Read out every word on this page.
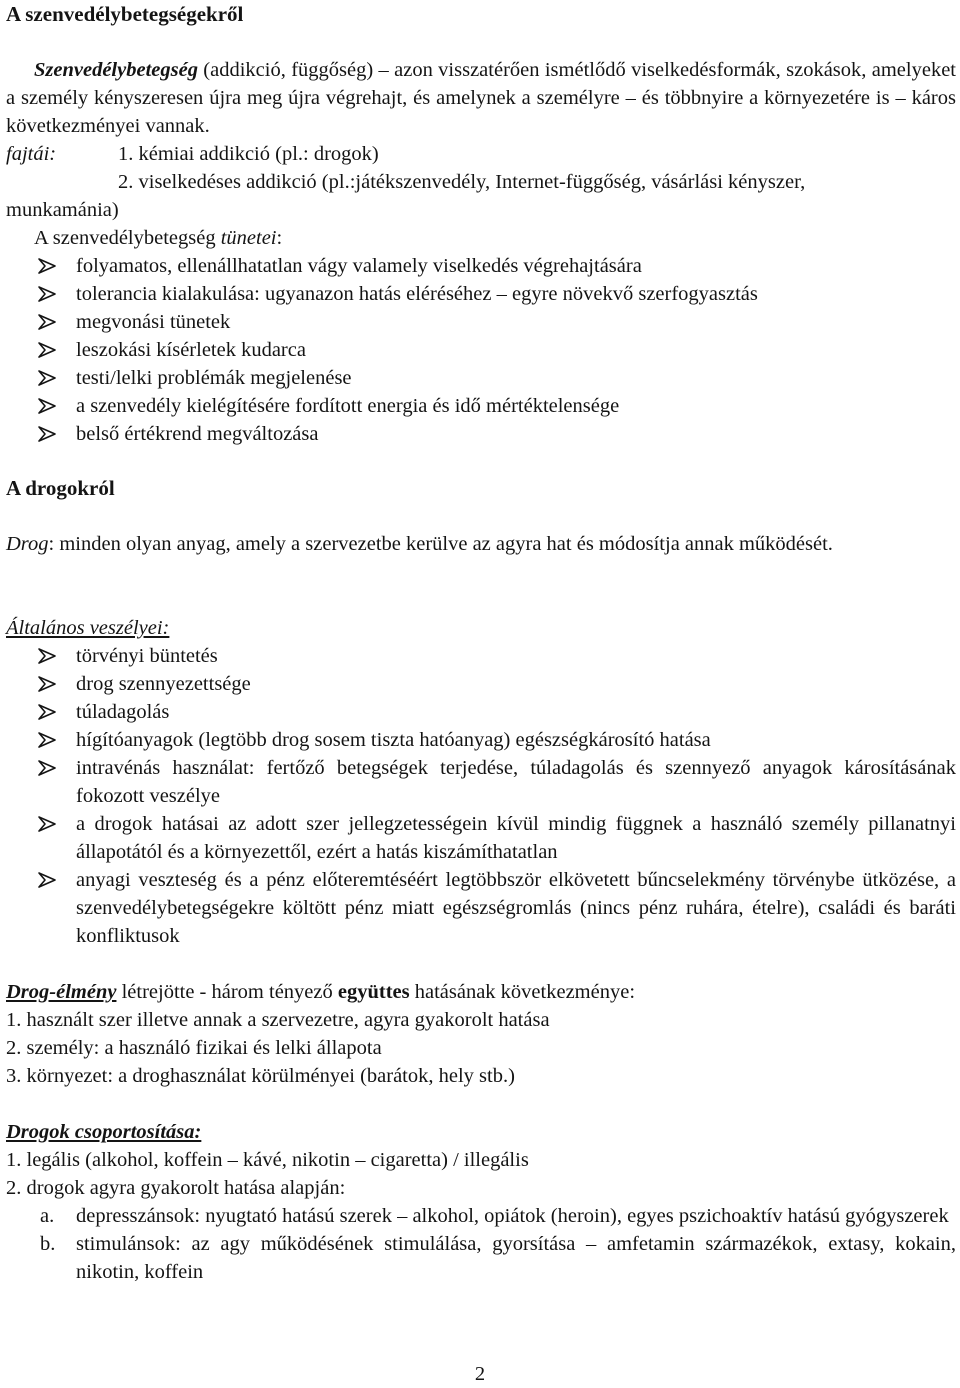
A szenvedélybetegségekről
Szenvedélybetegség (addikció, függőség) – azon visszatérően ismétlődő viselkedésformák, szokások, amelyeket a személy kényszeresen újra meg újra végrehajt, és amelynek a személyre – és többnyire a környezetére is – káros következményei vannak.
fajtái:	1. kémiai addikció (pl.: drogok)
2. viselkedéses addikció (pl.:játékszenvedély, Internet-függőség, vásárlási kényszer,
munkamánia)
A szenvedélybetegség tünetei:
folyamatos, ellenállhatatlan vágy valamely viselkedés végrehajtására
tolerancia kialakulása: ugyanazon hatás eléréséhez – egyre növekvő szerfogyasztás
megvonási tünetek
leszokási kísérletek kudarca
testi/lelki problémák megjelenése
a szenvedély kielégítésére fordított energia és idő mértéktelensége
belső értékrend megváltozása
A drogokról
Drog: minden olyan anyag, amely a szervezetbe kerülve az agyra hat és módosítja annak működését.
Általános veszélyei:
törvényi büntetés
drog szennyezettsége
túladagolás
hígítóanyagok (legtöbb drog sosem tiszta hatóanyag) egészségkárosító hatása
intravénás használat: fertőző betegségek terjedése, túladagolás és szennyező anyagok károsításának fokozott veszélye
a drogok hatásai az adott szer jellegzetességein kívül mindig függnek a használó személy pillanatnyi állapotától és a környezettől, ezért a hatás kiszámíthatatlan
anyagi veszteség és a pénz előteremtéséért legtöbbször elkövetett bűncselekmény törvénybe ütközése, a szenvedélybetegségekre költött pénz miatt egészségromlás (nincs pénz ruhára, ételre), családi és baráti konfliktusok
Drog-élmény létrejötte - három tényező együttes hatásának következménye:
1. használt szer illetve annak a szervezetre, agyra gyakorolt hatása
2. személy: a használó fizikai és lelki állapota
3. környezet: a droghasználat körülményei (barátok, hely stb.)
Drogok csoportosítása:
1. legális (alkohol, koffein – kávé, nikotin – cigaretta) / illegális
2. drogok agyra gyakorolt hatása alapján:
a. depresszánsok: nyugtató hatású szerek – alkohol, opiátok (heroin), egyes pszichoaktív hatású gyógyszerek
b. stimulánsok: az agy működésének stimulálása, gyorsítása – amfetamin származékok, extasy, kokain, nikotin, koffein
2
